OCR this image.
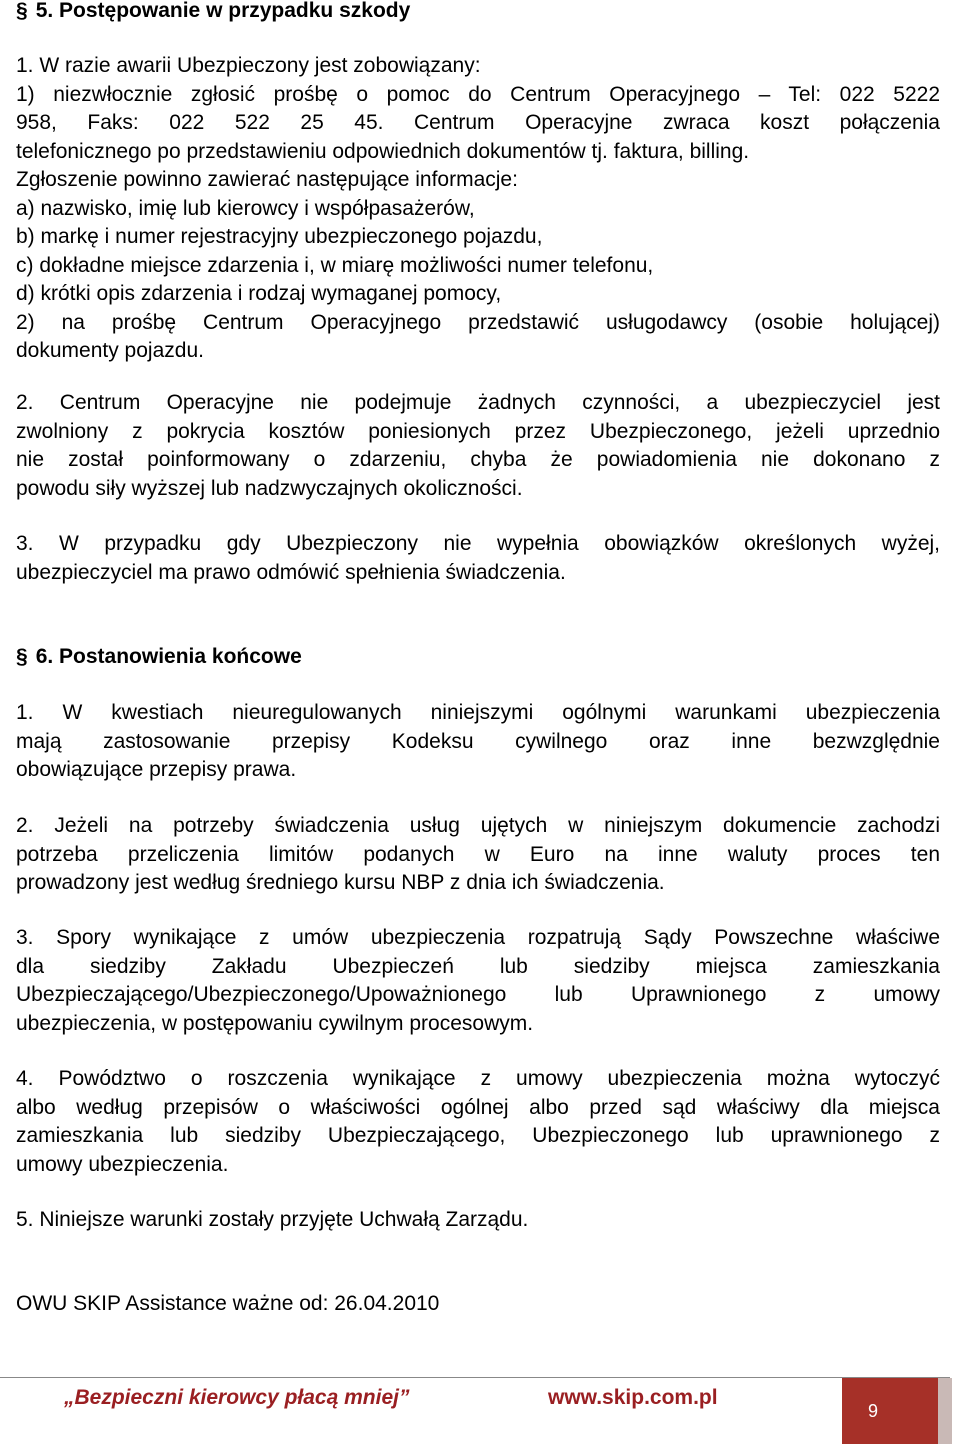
§ 5. Postępowanie w przypadku szkody
1. W razie awarii Ubezpieczony jest zobowiązany:
1) niezwłocznie zgłosić prośbę o pomoc do Centrum Operacyjnego – Tel: 022 5222
958, Faks: 022 522 25 45. Centrum Operacyjne zwraca koszt połączenia
telefonicznego po przedstawieniu odpowiednich dokumentów tj. faktura, billing.
Zgłoszenie powinno zawierać następujące informacje:
a) nazwisko, imię lub kierowcy i współpasażerów,
b) markę i numer rejestracyjny ubezpieczonego pojazdu,
c) dokładne miejsce zdarzenia i, w miarę możliwości numer telefonu,
d) krótki opis zdarzenia i rodzaj wymaganej pomocy,
2) na prośbę Centrum Operacyjnego przedstawić usługodawcy (osobie holującej)
dokumenty pojazdu.
2. Centrum Operacyjne nie podejmuje żadnych czynności, a ubezpieczyciel jest
zwolniony z pokrycia kosztów poniesionych przez Ubezpieczonego, jeżeli uprzednio
nie został poinformowany o zdarzeniu, chyba że powiadomienia nie dokonano z
powodu siły wyższej lub nadzwyczajnych okoliczności.
3. W przypadku gdy Ubezpieczony nie wypełnia obowiązków określonych wyżej,
ubezpieczyciel ma prawo odmówić spełnienia świadczenia.
§ 6. Postanowienia końcowe
1. W kwestiach nieuregulowanych niniejszymi ogólnymi warunkami ubezpieczenia
mają zastosowanie przepisy Kodeksu cywilnego oraz inne bezwzględnie
obowiązujące przepisy prawa.
2. Jeżeli na potrzeby świadczenia usług ujętych w niniejszym dokumencie zachodzi
potrzeba przeliczenia limitów podanych w Euro na inne waluty proces ten
prowadzony jest według średniego kursu NBP z dnia ich świadczenia.
3. Spory wynikające z umów ubezpieczenia rozpatrują Sądy Powszechne właściwe
dla siedziby Zakładu Ubezpieczeń lub siedziby miejsca zamieszkania
Ubezpieczającego/Ubezpieczonego/Upoważnionego lub Uprawnionego z umowy
ubezpieczenia, w postępowaniu cywilnym procesowym.
4. Powództwo o roszczenia wynikające z umowy ubezpieczenia można wytoczyć
albo według przepisów o właściwości ogólnej albo przed sąd właściwy dla miejsca
zamieszkania lub siedziby Ubezpieczającego, Ubezpieczonego lub uprawnionego z
umowy ubezpieczenia.
5. Niniejsze warunki zostały przyjęte Uchwałą Zarządu.
OWU SKIP Assistance ważne od: 26.04.2010
„Bezpieczni kierowcy płacą mniej”	www.skip.com.pl
9
